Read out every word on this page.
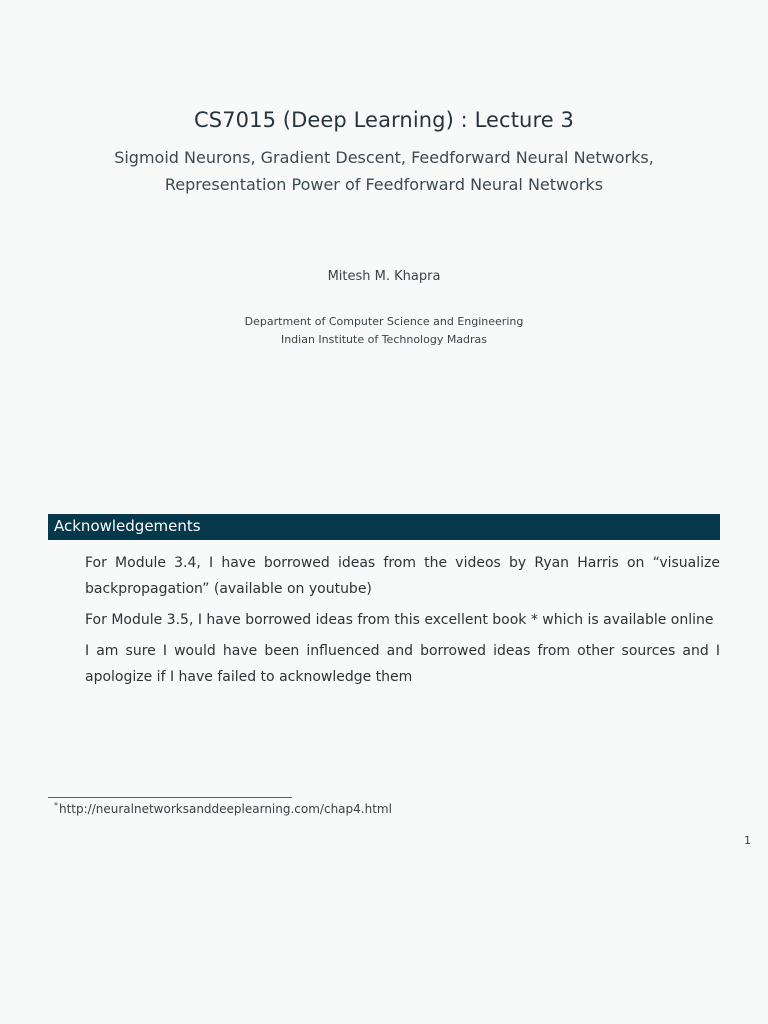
CS7015 (Deep Learning) : Lecture 3
Sigmoid Neurons, Gradient Descent, Feedforward Neural Networks,
Representation Power of Feedforward Neural Networks
Mitesh M. Khapra
Department of Computer Science and Engineering
Indian Institute of Technology Madras
Acknowledgements

For Module 3.4, I have borrowed ideas from the videos by Ryan Harris on “visualize backpropagation” (available on youtube)

For Module 3.5, I have borrowed ideas from this excellent book * which is available online

I am sure I would have been influenced and borrowed ideas from other sources and I apologize if I have failed to acknowledge them

*http://neuralnetworksanddeeplearning.com/chap4.html
1
